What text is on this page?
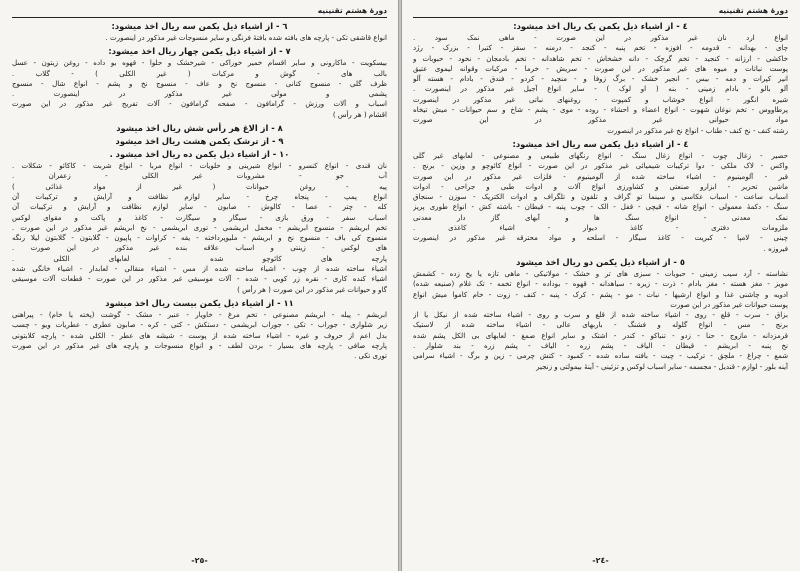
دورهٔ هشتم تقنینیه
٦ - از اشیاء ذیل یکمن سه ریال اخذ میشود:
انواع قاشقی تکی - پارچه های بافته شده بافتهٔ فرنگی و سایر منسوجات غیر مذکور در اینصورت .
٧ - از اشیاء ذیل یکمن چهار ریال اخذ میشود:
بیسکویت - ماکارونی و سایر اقسام خمیر خوراکی - شیرخشک و حلوا - قهوه بو داده - روغن زیتون - عسل
بالب های - گوش و مرکبات ( غیر الکلی ) - گلاب .
ظرف گلی - منسوج کتانی - منسوج نخ و عاف - منسوج نخ و پشم - انواع شال - منسوج
پشمی و مولی غیر مذکور در اینصورت .
اسباب و آلات ورزش - گرامافون - صفحه گرامافون - آلات تفریح غیر مذکور در این صورت
اقشام ( هر رأس )
٨ - از الاغ هر رأس شش ریال اخذ میشود
٩ - از ترشک یکمن هشت ریال اخذ میشود
١٠ - از اشیاء ذیل یکمن ده ریال اخذ میشود .
نان قندی - انواع کنسرو - انواع شیرینی و حلویات - انواع مربا - انواع شربت - کاکائو - شکلات .
آب جو - مشروبات غیر الکلی - زعفران .
پیه - روغن حیوانات ( غیر از مواد غذائی )
انواع پمپ - پنجاه چرخ - سایر لوازم نظافت و آرایش و ترکیبات آن
کله - چتر - عصا - کالوش - صابون - سایر لوازم نظافت و آرایش و ترکیبات آن
اسباب سفر - ورق بازی - سیگار و سیگارت - کاغذ و پاکت و مقوای لوکس
تخم ابریشم - منسوج ابریشم - مخمل ابریشمی - توری ابریشمی - نخ ابریشم غیر مذکور در این صورت .
منسوج کی باف - منسوج نخ و ابریشم - ملیوپرداخته - یقه - کراوات - پاپیون - گلابتون - گلابتون لیلا رنگه
های لوکس - زینتی و اسباب علاقه بنده غیر مذکور در این صورت .
پارچه های کائوچو شده - لعابهای الکلی .
اشیاء ساخته شده از چوب - اشیاء ساخته شده از مس - اشیاء منقالی - لعابدار - اشیاء خانگی شده
اشیاء کنده کاری - نقره زر کوبی - شده - آلات موسیقی غیر مذکور در این صورت - قطعات آلات موسیقی
گاو و حیوانات غیر مذکور در این صورت ( هر رأس )
١١ - از اشیاء ذیل یکمن بیست ریال اخذ میشود
ابریشم - پیله - ابریشم مصنوعی - تخم مرغ - خاویار - عنبر - مشک - گوشت (پخته یا خام) - پیراهنی
زیر شلواری - جوراب - تکی - جوراب ابریشمی - دستکش - کتی - کره - صابون عطری - عطریات ویو - چسب
بدل اعم از حروف و غیره - اشیاء ساخته شده از پوست - شیشه های عطر - الکلی شده - پارچه کلابتونی
پارچه صافی - پارچه های بسیار - بردن لطف - و انواع منسوجات و پارچه های غیر مذکور در این صورت
توری تکی .
-٢٥-
دورهٔ هشتم تقنینیه
٤ - از اشیاء ذیل یکمن یک ریال اخذ میشود:
انواع ارد نان غیر مذکور در این صورت - ماهی نمک سود .
چای - بهدانه - قدومه - افوزه - تخم پنبه - کنجد - درمنه - سقز - کتیرا - بزرک - رژد
خاکشی - ارزانه - کنجید - تخم گرچک - دانه خشخاش - تخم شاهدانه - تخم بادمجان - نخود - حبوبات و
پوست نباتات و میوه های غیر مذکور در این صورت - سریش - خرما - مرکبات وقوانه لیموی عتیق
انیر کپرات و دمه - بیس - انجیر خشک - برگ زوفا و - منچید - کردو - فندق - بادام - هسته آلو
آلو بالو - بادام زمینی - بنه ( او لوک ) - سایر انواع آجیل غیر مذکور در اینصورت .
شیره انگور - انواع خوشاب و کمپوت - روغنهای نباتی غیر مذکور در اینصورت
پرطاووس - تخم نوغان شهوت - انواع اعضاء و احشاء - روده - موی - پشم - شاخ و سم حیوانات - میش تیخاه
مواد حیوانی غیر مذکور در این صورت
رشته کنف - نخ کنف - طناب - انواع نخ غیر مذکور در اینصورت
٤ - از اشیاء ذیل یکمن سه ریال اخذ میشود:
حصیر - زغال چوب - انواع زغال سنگ - انواع رنگهای طبیعی و مصنوعی - لعابهای غیر گلی
واکس - لاک ملکی - دوا ترکیبات شیمیائی غیر مذکور در این صورت - انواع کائوچو و وزین - برنج .
قیر - آلومینیوم - اشیاء ساخته شده از آلومینیوم - فلزات غیر مذکور در این صورت
ماشین تحریر - ابزارو صنعتی و کشاورزی انواع آلات و ادوات طبی و جراحی - ادوات
اسباب ساعت - اسباب عکاسی و سینما تو گراف و تلفون و تلگراف و ادوات الکتریک - سوزن - سنجاق
سنگ - دکمهٔ معمولی - انواع شانه - قیچی - قفل - الک - چوب پنبه - قیطان - باشته کش - انواع طوری پریز
نمک معدنی - انواع سنگ ها و آبهای گاز دار معدنی
ملزومات دفتری - کاغذ دیوار - اشیاء کاغذی .
چینی - لامپا - کبریت - کاغذ سیگار - اسلحه و مواد محترقه غیر مذکور در اینصورت
فیروزه .
٥ - از اشیاء ذیل یکمن دو ریال اخذ میشود
نشاسته - آرد سیب زمینی - حبوبات - سبزی های تر و خشک - مولاتیکی - ماهی تازه یا یخ زده - کشمش
مویز - مغز هسته - مغز بادام - ذرت - زیره - سیاهدانه - قهوه - بوداده - انواع تخمه - تک غلام (صنیعه شده)
ادویه و چاشنی غذا و انواع ارشیها - نبات - مو - پشم - کرک - پنبه - کنف - زوت - خام کاموا میش انواع
پوست حیوانات غیر مذکور در این صورت
بزاق - سرب - قلع - روی - اشیاء ساخته شده از قلع و سرب و روی - اشیاء ساخته شده از نیکل یا از
برنج - مس - انواع گلوله و فشنگ - باربهای عالی - اشیاء ساخته شده از لاستیک
قرمزدانه - مازوج - حنا - زدو - تنباکو - کندر - اشتک و سایر انواع صمغ - لعابهای بی الکل پشم شده
نخ پنبه - ابریشم - قیطان - الیاف - پشم زره - الیاف - پشم زره - بند شلوار .
شمع - چراغ - ملچق - ترکیب - چیت - بافته ساده شده - کمبود - کتش چرمی - زین و برگ - اشیاء سرامی
آینه بلور - لوازم - قندیل - مجسمه - سایر اسباب لوکس و تزئینی - آینهٔ بیمولتی و زنجیر
-٢٤-
